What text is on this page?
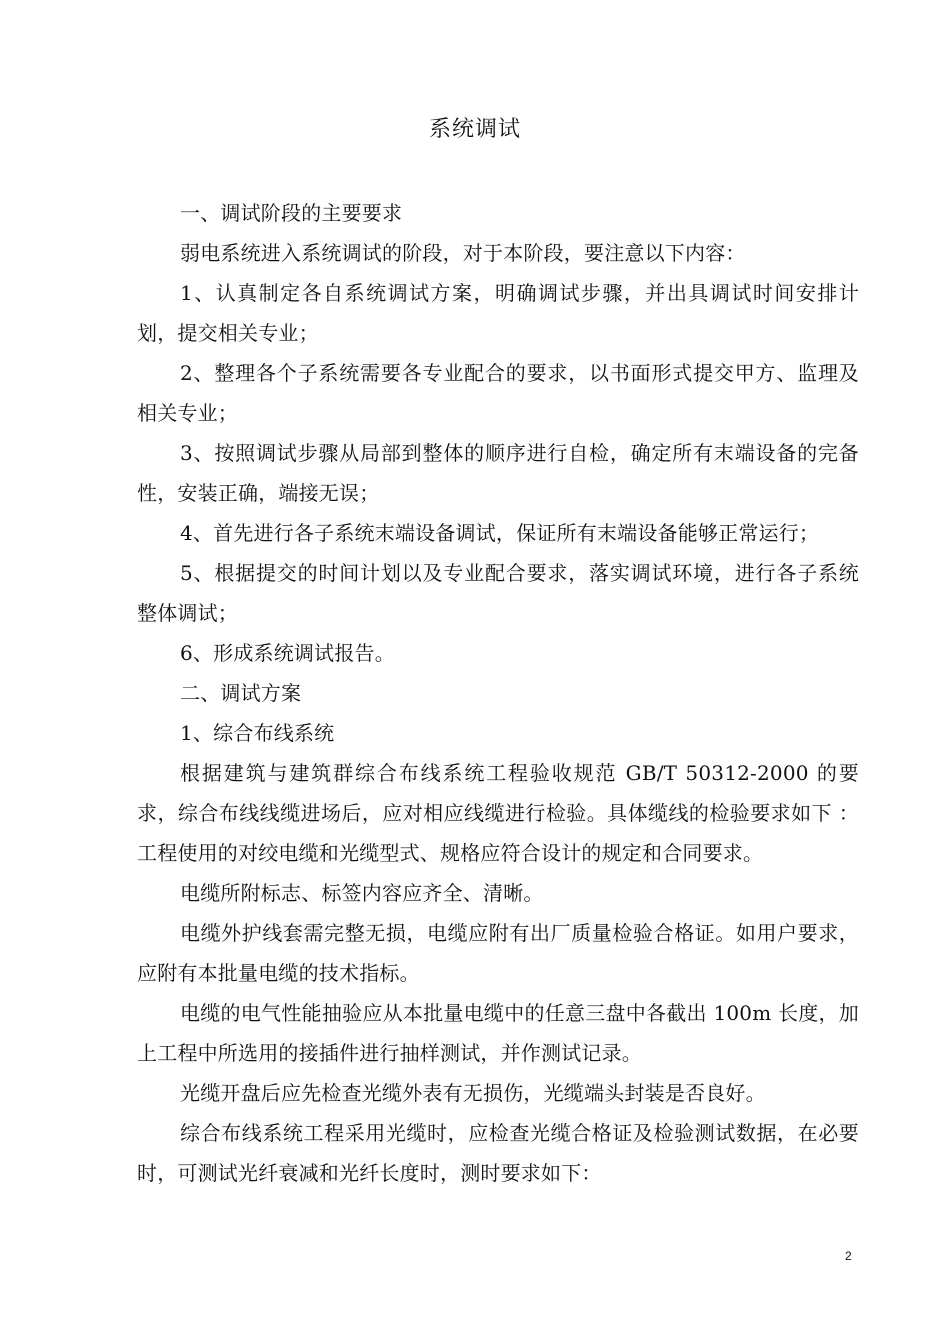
系统调试

一、调试阶段的主要要求

弱电系统进入系统调试的阶段，对于本阶段，要注意以下内容：

1、认真制定各自系统调试方案，明确调试步骤，并出具调试时间安排计划，提交相关专业；

2、整理各个子系统需要各专业配合的要求，以书面形式提交甲方、监理及相关专业；

3、按照调试步骤从局部到整体的顺序进行自检，确定所有末端设备的完备性，安装正确，端接无误；

4、首先进行各子系统末端设备调试，保证所有末端设备能够正常运行；

5、根据提交的时间计划以及专业配合要求，落实调试环境，进行各子系统整体调试；

6、形成系统调试报告。

二、调试方案

1、综合布线系统

根据建筑与建筑群综合布线系统工程验收规范 GB/T 50312-2000 的要求，综合布线线缆进场后，应对相应线缆进行检验。具体缆线的检验要求如下 ：工程使用的对绞电缆和光缆型式、规格应符合设计的规定和合同要求。

电缆所附标志、标签内容应齐全、清晰。

电缆外护线套需完整无损，电缆应附有出厂质量检验合格证。如用户要求，应附有本批量电缆的技术指标。

电缆的电气性能抽验应从本批量电缆中的任意三盘中各截出 100m 长度，加上工程中所选用的接插件进行抽样测试，并作测试记录。

光缆开盘后应先检查光缆外表有无损伤，光缆端头封装是否良好。

综合布线系统工程采用光缆时，应检查光缆合格证及检验测试数据，在必要时，可测试光纤衰减和光纤长度时，测时要求如下：

2
